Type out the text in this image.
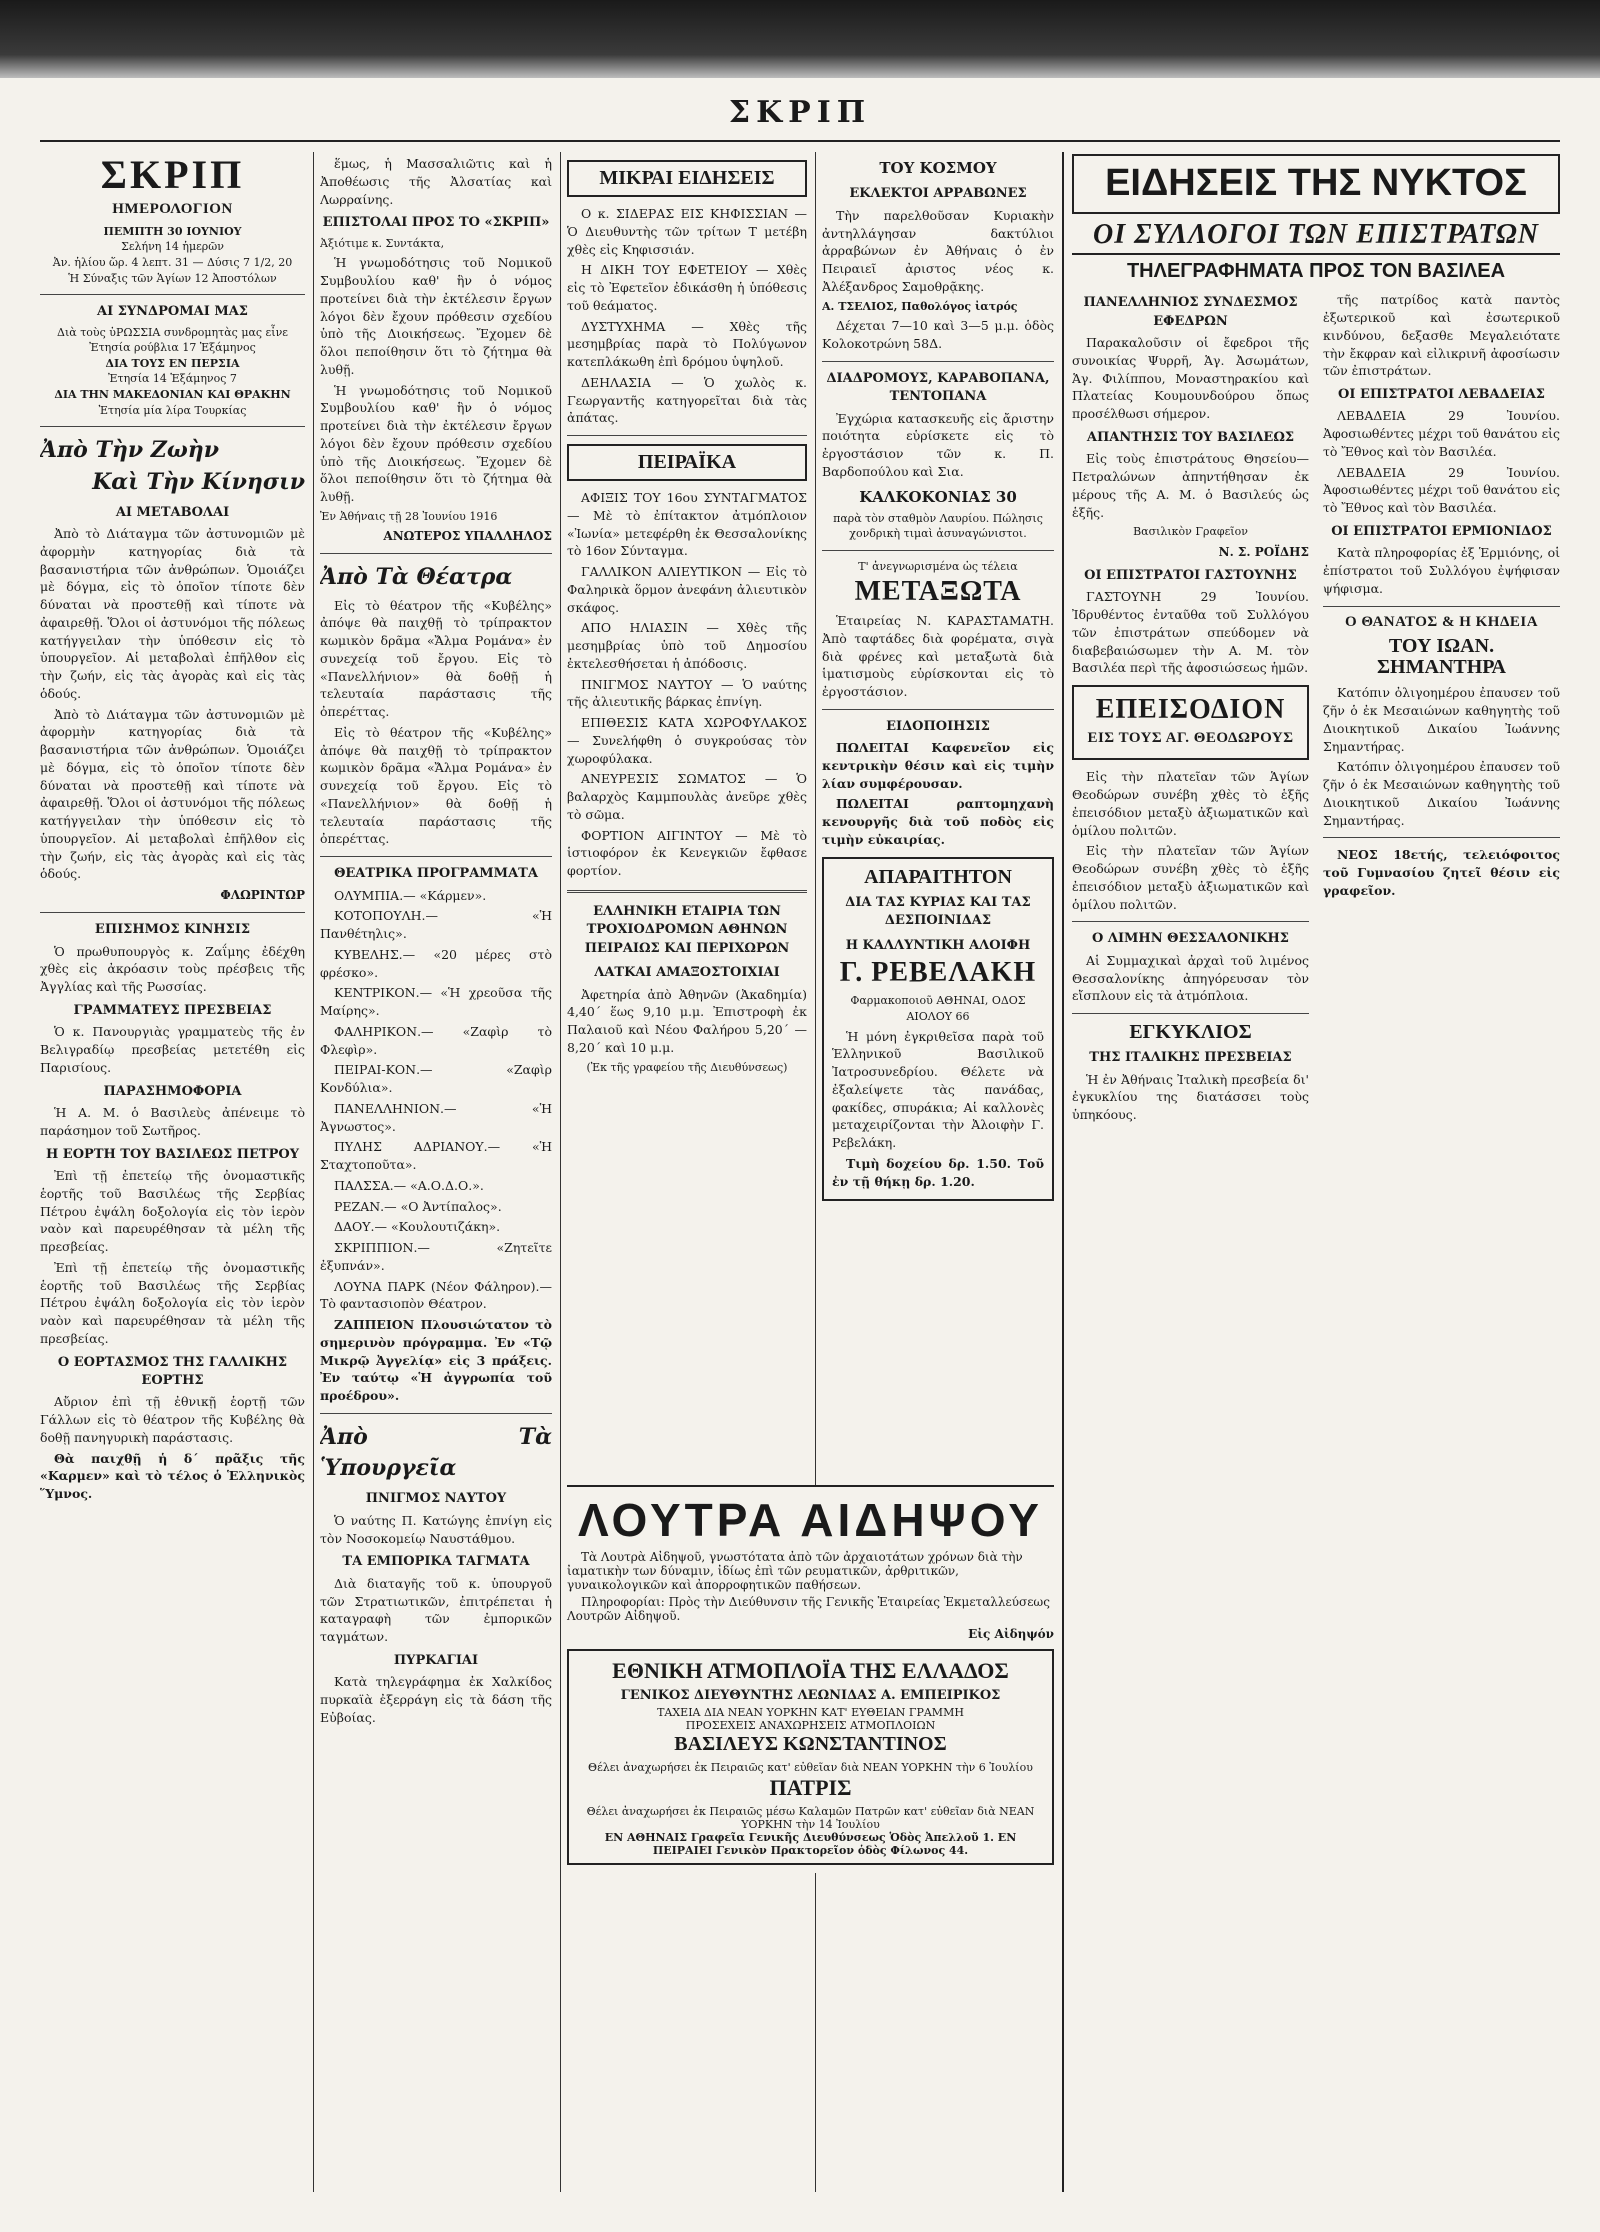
ΣΚΡΙΠ
ΣΚΡΙΠ
ΗΜΕΡΟΛΟΓΙΟΝ
ΠΕΜΠΤΗ 30 ΙΟΥΝΙΟΥ
Σελήνη 14 ἡμερῶν
Ἀν. ἡλίου ὥρ. 4 λεπτ. 31 — Δύσις 7 1/2, 20
Ἡ Σύναξις τῶν Ἁγίων 12 Ἀποστόλων
ΑΙ ΣΥΝΔΡΟΜΑΙ ΜΑΣ
Διὰ τοὺς ὑΡΩΣΣΙΑ συνδρομητὰς μας εἶνε
Ἐτησία ρούβλια 17 Ἑξάμηνος
ΔΙΑ ΤΟΥΣ ΕΝ ΠΕΡΣΙΑ
Ἐτησία 14 Ἑξάμηνος 7
ΔΙΑ ΤΗΝ ΜΑΚΕΔΟΝΙΑΝ ΚΑΙ ΘΡΑΚΗΝ
Ἐτησία μία λίρα Τουρκίας
Ἀπὸ Τὴν Ζωὴν
Καὶ Τὴν Κίνησιν
ΑΙ ΜΕΤΑΒΟΛΑΙ

Ἀπὸ τὸ Διάταγμα τῶν ἀστυνομιῶν μὲ ἀφορμὴν κατηγορίας διὰ τὰ βασανιστήρια τῶν ἀνθρώπων. Ὁμοιάζει μὲ δόγμα, εἰς τὸ ὁποῖον τίποτε δὲν δύναται νὰ προστεθῇ καὶ τίποτε νὰ ἀφαιρεθῇ. Ὅλοι οἱ ἀστυνόμοι τῆς πόλεως κατήγγειλαν τὴν ὑπόθεσιν εἰς τὸ ὑπουργεῖον. Αἱ μεταβολαὶ ἐπῆλθον εἰς τὴν ζωήν, εἰς τὰς ἀγορὰς καὶ εἰς τὰς ὁδούς.

Ἀπὸ τὸ Διάταγμα τῶν ἀστυνομιῶν μὲ ἀφορμὴν κατηγορίας διὰ τὰ βασανιστήρια τῶν ἀνθρώπων. Ὁμοιάζει μὲ δόγμα, εἰς τὸ ὁποῖον τίποτε δὲν δύναται νὰ προστεθῇ καὶ τίποτε νὰ ἀφαιρεθῇ. Ὅλοι οἱ ἀστυνόμοι τῆς πόλεως κατήγγειλαν τὴν ὑπόθεσιν εἰς τὸ ὑπουργεῖον. Αἱ μεταβολαὶ ἐπῆλθον εἰς τὴν ζωήν, εἰς τὰς ἀγορὰς καὶ εἰς τὰς ὁδούς.

ΦΛΩΡΙΝΤΩΡ
ΕΠΙΣΗΜΟΣ ΚΙΝΗΣΙΣ

Ὁ πρωθυπουργὸς κ. Ζαΐμης ἐδέχθη χθὲς εἰς ἀκρόασιν τοὺς πρέσβεις τῆς Ἀγγλίας καὶ τῆς Ρωσσίας.

ΓΡΑΜΜΑΤΕΥΣ ΠΡΕΣΒΕΙΑΣ

Ὁ κ. Πανουργιὰς γραμματεὺς τῆς ἐν Βελιγραδίῳ πρεσβείας μετετέθη εἰς Παρισίους.

ΠΑΡΑΣΗΜΟΦΟΡΙΑ

Ἡ Α. Μ. ὁ Βασιλεὺς ἀπένειμε τὸ παράσημον τοῦ Σωτῆρος.

Η ΕΟΡΤΗ ΤΟΥ ΒΑΣΙΛΕΩΣ ΠΕΤΡΟΥ

Ἐπὶ τῇ ἐπετείῳ τῆς ὀνομαστικῆς ἑορτῆς τοῦ Βασιλέως τῆς Σερβίας Πέτρου ἐψάλη δοξολογία εἰς τὸν ἱερὸν ναὸν καὶ παρευρέθησαν τὰ μέλη τῆς πρεσβείας.

Ἐπὶ τῇ ἐπετείῳ τῆς ὀνομαστικῆς ἑορτῆς τοῦ Βασιλέως τῆς Σερβίας Πέτρου ἐψάλη δοξολογία εἰς τὸν ἱερὸν ναὸν καὶ παρευρέθησαν τὰ μέλη τῆς πρεσβείας.

Ο ΕΟΡΤΑΣΜΟΣ ΤΗΣ ΓΑΛΛΙΚΗΣ ΕΟΡΤΗΣ

Αὔριον ἐπὶ τῇ ἐθνικῇ ἑορτῇ τῶν Γάλλων εἰς τὸ θέατρον τῆς Κυβέλης θὰ δοθῇ πανηγυρικὴ παράστασις.

Θὰ παιχθῇ ἡ δ΄ πρᾶξις τῆς «Καρμεν» καὶ τὸ τέλος ὁ Ἑλληνικὸς Ὕμνος.

ἕμως, ἡ Μασσαλιῶτις καὶ ἡ Ἀποθέωσις τῆς Ἀλσατίας καὶ Λωρραίνης.

ΕΠΙΣΤΟΛΑΙ ΠΡΟΣ ΤΟ «ΣΚΡΙΠ»
Ἀξιότιμε κ. Συντάκτα,

Ἡ γνωμοδότησις τοῦ Νομικοῦ Συμβουλίου καθ' ἣν ὁ νόμος προτείνει διὰ τὴν ἐκτέλεσιν ἔργων λόγοι δὲν ἔχουν πρόθεσιν σχεδίου ὑπὸ τῆς Διοικήσεως. Ἔχομεν δὲ ὅλοι πεποίθησιν ὅτι τὸ ζήτημα θὰ λυθῇ.

Ἡ γνωμοδότησις τοῦ Νομικοῦ Συμβουλίου καθ' ἣν ὁ νόμος προτείνει διὰ τὴν ἐκτέλεσιν ἔργων λόγοι δὲν ἔχουν πρόθεσιν σχεδίου ὑπὸ τῆς Διοικήσεως. Ἔχομεν δὲ ὅλοι πεποίθησιν ὅτι τὸ ζήτημα θὰ λυθῇ.

Ἐν Ἀθήναις τῇ 28 Ἰουνίου 1916
ΑΝΩΤΕΡΟΣ ΥΠΑΛΛΗΛΟΣ
Ἀπὸ Τὰ Θέατρα

Εἰς τὸ θέατρον τῆς «Κυβέλης» ἀπόψε θὰ παιχθῇ τὸ τρίπρακτον κωμικὸν δρᾶμα «Ἄλμα Ρομάνα» ἐν συνεχείᾳ τοῦ ἔργου. Εἰς τὸ «Πανελλήνιον» θὰ δοθῇ ἡ τελευταία παράστασις τῆς ὀπερέττας.

Εἰς τὸ θέατρον τῆς «Κυβέλης» ἀπόψε θὰ παιχθῇ τὸ τρίπρακτον κωμικὸν δρᾶμα «Ἄλμα Ρομάνα» ἐν συνεχείᾳ τοῦ ἔργου. Εἰς τὸ «Πανελλήνιον» θὰ δοθῇ ἡ τελευταία παράστασις τῆς ὀπερέττας.

ΘΕΑΤΡΙΚΑ ΠΡΟΓΡΑΜΜΑΤΑ

ΟΛΥΜΠΙΑ.— «Κάρμεν».

ΚΟΤΟΠΟΥΛΗ.— «Ἡ Πανθέτηλις».

ΚΥΒΕΛΗΣ.— «20 μέρες στὸ φρέσκο».

ΚΕΝΤΡΙΚΟΝ.— «Ἡ χρεοῦσα τῆς Μαίρης».

ΦΑΛΗΡΙΚΟΝ.— «Ζαφὶρ τὸ Φλεφὶρ».

ΠΕΙΡΑΙ-ΚΟΝ.— «Ζαφὶρ Κονδύλια».

ΠΑΝΕΛΛΗΝΙΟΝ.— «Ἡ Ἀγνωστος».

ΠΥΛΗΣ ΑΔΡΙΑΝΟΥ.— «Ἡ Σταχτοποῦτα».

ΠΑΛΣΣΑ.— «Α.Ο.Δ.Ο.».

ΡΕΖΑΝ.— «Ο Ἀντίπαλος».

ΔΑΟΥ.— «Κουλουτιζάκη».

ΣΚΡΙΠΠΙΟΝ.— «Ζητεῖτε ἐξυπνάν».

ΛΟΥΝΑ ΠΑΡΚ (Νέον Φάληρον).— Τὸ φαντασιοπὸν Θέατρον.

ΖΑΠΠΕΙΟΝ Πλουσιώτατον τὸ σημερινὸν πρόγραμμα. Ἐν «Τῷ Μικρῷ Ἀγγελίᾳ» εἰς 3 πράξεις. Ἐν ταύτῳ «Ἡ ἀγγρωπία τοῦ προέδρου».

Ἀπὸ Τὰ Ὑπουργεῖα
ΠΝΙΓΜΟΣ ΝΑΥΤΟΥ

Ὁ ναύτης Π. Κατώγης ἐπνίγη εἰς τὸν Νοσοκομείῳ Ναυστάθμου.

ΤΑ ΕΜΠΟΡΙΚΑ ΤΑΓΜΑΤΑ

Διὰ διαταγῆς τοῦ κ. ὑπουργοῦ τῶν Στρατιωτικῶν, ἐπιτρέπεται ἡ καταγραφὴ τῶν ἐμπορικῶν ταγμάτων.

ΠΥΡΚΑΓΙΑΙ

Κατὰ τηλεγράφημα ἐκ Χαλκίδος πυρκαϊὰ ἐξερράγη εἰς τὰ δάση τῆς Εὐβοίας.

ΜΙΚΡΑΙ ΕΙΔΗΣΕΙΣ

Ο κ. ΣΙΔΕΡΑΣ ΕΙΣ ΚΗΦΙΣΣΙΑΝ — Ὁ Διευθυντὴς τῶν τρίτων Τ μετέβη χθὲς εἰς Κηφισσιάν.

Η ΔΙΚΗ ΤΟΥ ΕΦΕΤΕΙΟΥ — Χθὲς εἰς τὸ Ἐφετεῖον ἐδικάσθη ἡ ὑπόθεσις τοῦ θεάματος.

ΔΥΣΤΥΧΗΜΑ — Χθὲς τῆς μεσημβρίας παρὰ τὸ Πολύγωνον κατεπλάκωθη ἐπὶ δρόμου ὑψηλοῦ.

ΔΕΗΛΑΣΙΑ — Ὁ χωλὸς κ. Γεωργαντῆς κατηγορεῖται διὰ τὰς ἀπάτας.

ΠΕΙΡΑΪΚΑ

ΑΦΙΞΙΣ ΤΟΥ 16ου ΣΥΝΤΑΓΜΑΤΟΣ — Μὲ τὸ ἐπίτακτον ἀτμόπλοιον «Ἰωνία» μετεφέρθη ἐκ Θεσσαλονίκης τὸ 16ον Σύνταγμα.

ΓΑΛΛΙΚΟΝ ΑΛΙΕΥΤΙΚΟΝ — Εἰς τὸ Φαληρικὰ ὅρμον ἀνεφάνη ἀλιευτικὸν σκάφος.

ΑΠΟ ΗΛΙΑΣΙΝ — Χθὲς τῆς μεσημβρίας ὑπὸ τοῦ Δημοσίου ἐκτελεσθήσεται ἡ ἀπόδοσις.

ΠΝΙΓΜΟΣ ΝΑΥΤΟΥ — Ὁ ναύτης τῆς ἀλιευτικῆς βάρκας ἐπνίγη.

ΕΠΙΘΕΣΙΣ ΚΑΤΑ ΧΩΡΟΦΥΛΑΚΟΣ — Συνελήφθη ὁ συγκρούσας τὸν χωροφύλακα.

ΑΝΕΥΡΕΣΙΣ ΣΩΜΑΤΟΣ — Ὁ βαλαρχὸς Καμμπουλὰς ἀνεῦρε χθὲς τὸ σῶμα.

ΦΟΡΤΙΟΝ ΑΙΓΙΝΤΟΥ — Μὲ τὸ ἱστιοφόρον ἐκ Κενεγκιῶν ἔφθασε φορτίον.

ΕΛΛΗΝΙΚΗ ΕΤΑΙΡΙΑ ΤΩΝ ΤΡΟΧΙΟΔΡΟΜΩΝ ΑΘΗΝΩΝ ΠΕΙΡΑΙΩΣ ΚΑΙ ΠΕΡΙΧΩΡΩΝ
ΛΑΤΚΑΙ ΑΜΑΞΟΣΤΟΙΧΙΑΙ

Ἀφετηρία ἀπὸ Ἀθηνῶν (Ἀκαδημία) 4,40΄ ἕως 9,10 μ.μ. Ἐπιστροφὴ ἐκ Παλαιοῦ καὶ Νέου Φαλήρου 5,20΄ — 8,20΄ καὶ 10 μ.μ.

(Ἐκ τῆς γραφείου τῆς Διευθύνσεως)
ΤΟΥ ΚΟΣΜΟΥ
ΕΚΛΕΚΤΟΙ ΑΡΡΑΒΩΝΕΣ

Τὴν παρελθοῦσαν Κυριακὴν ἀντηλλάγησαν δακτύλιοι ἀρραβώνων ἐν Ἀθήναις ὁ ἐν Πειραιεῖ ἀριστος νέος κ. Ἀλέξανδρος Σαμοθρᾷκης.

Α. ΤΣΕΛΙΟΣ, Παθολόγος ἰατρός

Δέχεται 7—10 καὶ 3—5 μ.μ. ὁδὸς Κολοκοτρώνη 58Δ.

ΔΙΑΔΡΟΜΟΥΣ, ΚΑΡΑΒΟΠΑΝΑ, ΤΕΝΤΟΠΑΝΑ

Ἐγχώρια κατασκευῆς εἰς ἄριστην ποιότητα εὑρίσκετε εἰς τὸ ἐργοστάσιον τῶν κ. Π. Βαρδοπούλου καὶ Σια.

ΚΑΛΚΟΚΟΝΙΑΣ 30
παρὰ τὸν σταθμὸν Λαυρίου. Πώλησις χονδρικὴ τιμαὶ ἀσυναγώνιστοι.
Τ' ἀνεγνωρισμένα ὡς τέλεια
ΜΕΤΑΞΩΤΑ

Ἑταιρείας Ν. ΚΑΡΑΣΤΑΜΑΤΗ. Ἀπὸ ταφτάδες διὰ φορέματα, σιγὰ διὰ φρένες καὶ μεταξωτὰ διὰ ἱματισμοὺς εὑρίσκονται εἰς τὸ ἐργοστάσιον.

ΕΙΔΟΠΟΙΗΣΙΣ

ΠΩΛΕΙΤΑΙ Καφενεῖον εἰς κεντρικὴν θέσιν καὶ εἰς τιμὴν λίαν συμφέρουσαν.

ΠΩΛΕΙΤΑΙ ραπτομηχανὴ κενουργῆς διὰ τοῦ ποδὸς εἰς τιμὴν εὐκαιρίας.

ΑΠΑΡΑΙΤΗΤΟΝ
ΔΙΑ ΤΑΣ ΚΥΡΙΑΣ ΚΑΙ ΤΑΣ ΔΕΣΠΟΙΝΙΔΑΣ
Η ΚΑΛΛΥΝΤΙΚΗ ΑΛΟΙΦΗ
Γ. ΡΕΒΕΛΑΚΗ
Φαρμακοποιοῦ ΑΘΗΝΑΙ, ΟΔΟΣ ΑΙΟΛΟΥ 66

Ἡ μόνη ἐγκριθεῖσα παρὰ τοῦ Ἑλληνικοῦ Βασιλικοῦ Ἰατροσυνεδρίου. Θέλετε νὰ ἐξαλείψετε τὰς πανάδας, φακίδες, σπυράκια; Αἱ καλλονὲς μεταχειρίζονται τὴν Ἀλοιφὴν Γ. Ρεβελάκη.

Τιμὴ δοχείου δρ. 1.50. Τοῦ ἐν τῇ θήκῃ δρ. 1.20.

ΕΙΔΗΣΕΙΣ ΤΗΣ ΝΥΚΤΟΣ
ΟΙ ΣΥΛΛΟΓΟΙ ΤΩΝ ΕΠΙΣΤΡΑΤΩΝ
ΤΗΛΕΓΡΑΦΗΜΑΤΑ ΠΡΟΣ ΤΟΝ ΒΑΣΙΛΕΑ
ΠΑΝΕΛΛΗΝΙΟΣ ΣΥΝΔΕΣΜΟΣ ΕΦΕΔΡΩΝ

Παρακαλοῦσιν οἱ ἔφεδροι τῆς συνοικίας Ψυρρῆ, Ἁγ. Ἀσωμάτων, Ἁγ. Φιλίππου, Μοναστηρακίου καὶ Πλατείας Κουμουνδούρου ὅπως προσέλθωσι σήμερον.

ΑΠΑΝΤΗΣΙΣ ΤΟΥ ΒΑΣΙΛΕΩΣ

Εἰς τοὺς ἐπιστράτους Θησείου—Πετραλώνων ἀπηντήθησαν ἐκ μέρους τῆς Α. Μ. ὁ Βασιλεύς ὡς ἑξῆς.

Βασιλικὸν Γραφεῖον
Ν. Σ. ΡΟΪΔΗΣ
ΟΙ ΕΠΙΣΤΡΑΤΟΙ ΓΑΣΤΟΥΝΗΣ

ΓΑΣΤΟΥΝΗ 29 Ἰουνίου. Ἰδρυθέντος ἐνταῦθα τοῦ Συλλόγου τῶν ἐπιστράτων σπεύδομεν νὰ διαβεβαιώσωμεν τὴν Α. Μ. τὸν Βασιλέα περὶ τῆς ἀφοσιώσεως ἡμῶν.

ΕΠΕΙΣΟΔΙΟΝ
ΕΙΣ ΤΟΥΣ ΑΓ. ΘΕΟΔΩΡΟΥΣ

Εἰς τὴν πλατεῖαν τῶν Ἁγίων Θεοδώρων συνέβη χθὲς τὸ ἑξῆς ἐπεισόδιον μεταξὺ ἀξιωματικῶν καὶ ὁμίλου πολιτῶν.

Εἰς τὴν πλατεῖαν τῶν Ἁγίων Θεοδώρων συνέβη χθὲς τὸ ἑξῆς ἐπεισόδιον μεταξὺ ἀξιωματικῶν καὶ ὁμίλου πολιτῶν.

Ο ΛΙΜΗΝ ΘΕΣΣΑΛΟΝΙΚΗΣ

Αἱ Συμμαχικαὶ ἀρχαὶ τοῦ λιμένος Θεσσαλονίκης ἀπηγόρευσαν τὸν εἴσπλουν εἰς τὰ ἀτμόπλοια.

ΕΓΚΥΚΛΙΟΣ
ΤΗΣ ΙΤΑΛΙΚΗΣ ΠΡΕΣΒΕΙΑΣ

Ἡ ἐν Ἀθήναις Ἰταλικὴ πρεσβεία δι' ἐγκυκλίου της διατάσσει τοὺς ὑπηκόους.

τῆς πατρίδος κατὰ παντὸς ἐξωτερικοῦ καὶ ἐσωτερικοῦ κινδύνου, δεξασθε Μεγαλειότατε τὴν ἔκφραν καὶ εἰλικρινῆ ἀφοσίωσιν τῶν ἐπιστράτων.

ΟΙ ΕΠΙΣΤΡΑΤΟΙ ΛΕΒΑΔΕΙΑΣ

ΛΕΒΑΔΕΙΑ 29 Ἰουνίου. Ἀφοσιωθέντες μέχρι τοῦ θανάτου εἰς τὸ Ἔθνος καὶ τὸν Βασιλέα.

ΛΕΒΑΔΕΙΑ 29 Ἰουνίου. Ἀφοσιωθέντες μέχρι τοῦ θανάτου εἰς τὸ Ἔθνος καὶ τὸν Βασιλέα.

ΟΙ ΕΠΙΣΤΡΑΤΟΙ ΕΡΜΙΟΝΙΔΟΣ

Κατὰ πληροφορίας ἐξ Ἑρμιόνης, οἱ ἐπίστρατοι τοῦ Συλλόγου ἐψήφισαν ψήφισμα.

Ο ΘΑΝΑΤΟΣ & Η ΚΗΔΕΙΑ
ΤΟΥ ΙΩΑΝ. ΣΗΜΑΝΤΗΡΑ

Κατόπιν ὀλιγοημέρου ἐπαυσεν τοῦ ζῆν ὁ ἐκ Μεσαιώνων καθηγητὴς τοῦ Διοικητικοῦ Δικαίου Ἰωάννης Σημαντήρας.

Κατόπιν ὀλιγοημέρου ἐπαυσεν τοῦ ζῆν ὁ ἐκ Μεσαιώνων καθηγητὴς τοῦ Διοικητικοῦ Δικαίου Ἰωάννης Σημαντήρας.

ΝΕΟΣ 18ετής, τελειόφοιτος τοῦ Γυμνασίου ζητεῖ θέσιν εἰς γραφεῖον.

ΛΟΥΤΡΑ ΑΙΔΗΨΟΥ

Τὰ Λουτρὰ Αἰδηψοῦ, γνωστότατα ἀπὸ τῶν ἀρχαιοτάτων χρόνων διὰ τὴν ἰαματικὴν των δύναμιν, ἰδίως ἐπὶ τῶν ρευματικῶν, ἀρθριτικῶν, γυναικολογικῶν καὶ ἀπορροφητικῶν παθήσεων.

Πληροφορίαι: Πρὸς τὴν Διεύθυνσιν τῆς Γενικῆς Ἑταιρείας Ἐκμεταλλεύσεως Λουτρῶν Αἰδηψοῦ.

Εἰς Αἰδηψόν
ΕΘΝΙΚΗ ΑΤΜΟΠΛΟΪΑ ΤΗΣ ΕΛΛΑΔΟΣ
ΓΕΝΙΚΟΣ ΔΙΕΥΘΥΝΤΗΣ ΛΕΩΝΙΔΑΣ Α. ΕΜΠΕΙΡΙΚΟΣ
ΤΑΧΕΙΑ ΔΙΑ ΝΕΑΝ ΥΟΡΚΗΝ ΚΑΤ' ΕΥΘΕΙΑΝ ΓΡΑΜΜΗ
ΠΡΟΣΕΧΕΙΣ ΑΝΑΧΩΡΗΣΕΙΣ ΑΤΜΟΠΛΟΙΩΝ
ΒΑΣΙΛΕΥΣ ΚΩΝΣΤΑΝΤΙΝΟΣ
Θέλει ἀναχωρήσει ἐκ Πειραιῶς κατ' εὐθεῖαν διὰ ΝΕΑΝ ΥΟΡΚΗΝ τὴν 6 Ἰουλίου
ΠΑΤΡΙΣ
Θέλει ἀναχωρήσει ἐκ Πειραιῶς μέσω Καλαμῶν Πατρῶν κατ' εὐθεῖαν διὰ ΝΕΑΝ ΥΟΡΚΗΝ τὴν 14 Ἰουλίου
ΕΝ ΑΘΗΝΑΙΣ Γραφεῖα Γενικῆς Διευθύνσεως Ὁδὸς Ἀπελλοῦ 1. ΕΝ ΠΕΙΡΑΙΕΙ Γενικὸν Πρακτορεῖον ὁδὸς Φίλωνος 44.
